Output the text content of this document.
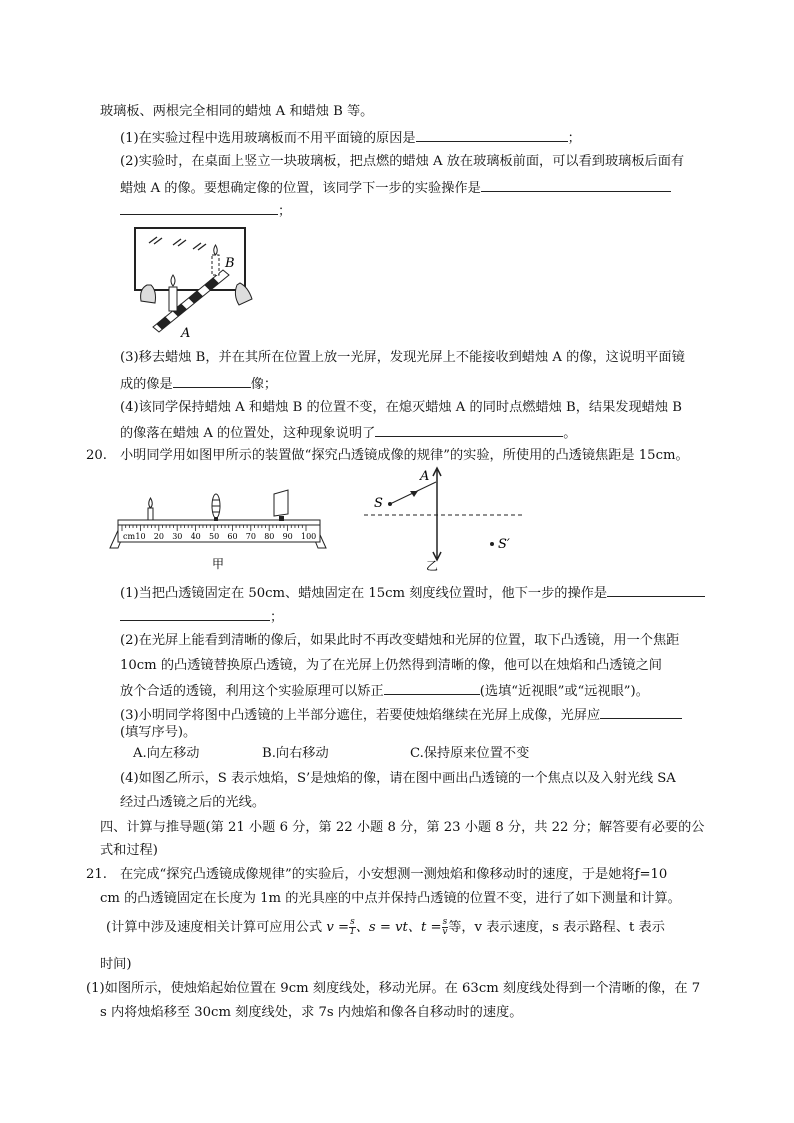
玻璃板、两根完全相同的蜡烛 A 和蜡烛 B 等。
(1)在实验过程中选用玻璃板而不用平面镜的原因是	；
(2)实验时，在桌面上竖立一块玻璃板，把点燃的蜡烛 A 放在玻璃板前面，可以看到玻璃板后面有
蜡烛 A 的像。要想确定像的位置，该同学下一步的实验操作是
；
B
A
(3)移去蜡烛 B，并在其所在位置上放一光屏，发现光屏上不能接收到蜡烛 A 的像，这说明平面镜
成的像是	像；
(4)该同学保持蜡烛 A 和蜡烛 B 的位置不变，在熄灭蜡烛 A 的同时点燃蜡烛 B，结果发现蜡烛 B
的像落在蜡烛 A 的位置处，这种现象说明了	。
20. 小明同学用如图甲所示的装置做“探究凸透镜成像的规律”的实验，所使用的凸透镜焦距是 15cm。
cm 10 20 30 40 50 60 70 80 90 100
甲
A
S
S′
乙
(1)当把凸透镜固定在 50cm、蜡烛固定在 15cm 刻度线位置时，他下一步的操作是
；
(2)在光屏上能看到清晰的像后，如果此时不再改变蜡烛和光屏的位置，取下凸透镜，用一个焦距
10cm 的凸透镜替换原凸透镜，为了在光屏上仍然得到清晰的像，他可以在烛焰和凸透镜之间
放个合适的透镜，利用这个实验原理可以矫正	(选填“近视眼”或“远视眼”)。
(3)小明同学将图中凸透镜的上半部分遮住，若要使烛焰继续在光屏上成像，光屏应
(填写序号)。
A.向左移动	B.向右移动	C.保持原来位置不变
(4)如图乙所示，S 表示烛焰，S’是烛焰的像，请在图中画出凸透镜的一个焦点以及入射光线 SA
经过凸透镜之后的光线。
四、计算与推导题(第 21 小题 6 分，第 22 小题 8 分，第 23 小题 8 分，共 22 分；解答要有必要的公
式和过程)
21. 在完成“探究凸透镜成像规律”的实验后，小安想测一测烛焰和像移动时的速度，于是她将ƒ=10
cm 的凸透镜固定在长度为 1m 的光具座的中点并保持凸透镜的位置不变，进行了如下测量和计算。
(计算中涉及速度相关计算可应用公式 $v = \frac{s}{1}$ 、s = vt、$t = \frac{s}{v}$ 等，v 表示速度，s 表示路程、t 表示
时间)
(1)如图所示，使烛焰起始位置在 9cm 刻度线处，移动光屏。在 63cm 刻度线处得到一个清晰的像，在 7
s 内将烛焰移至 30cm 刻度线处，求 7s 内烛焰和像各自移动时的速度。
